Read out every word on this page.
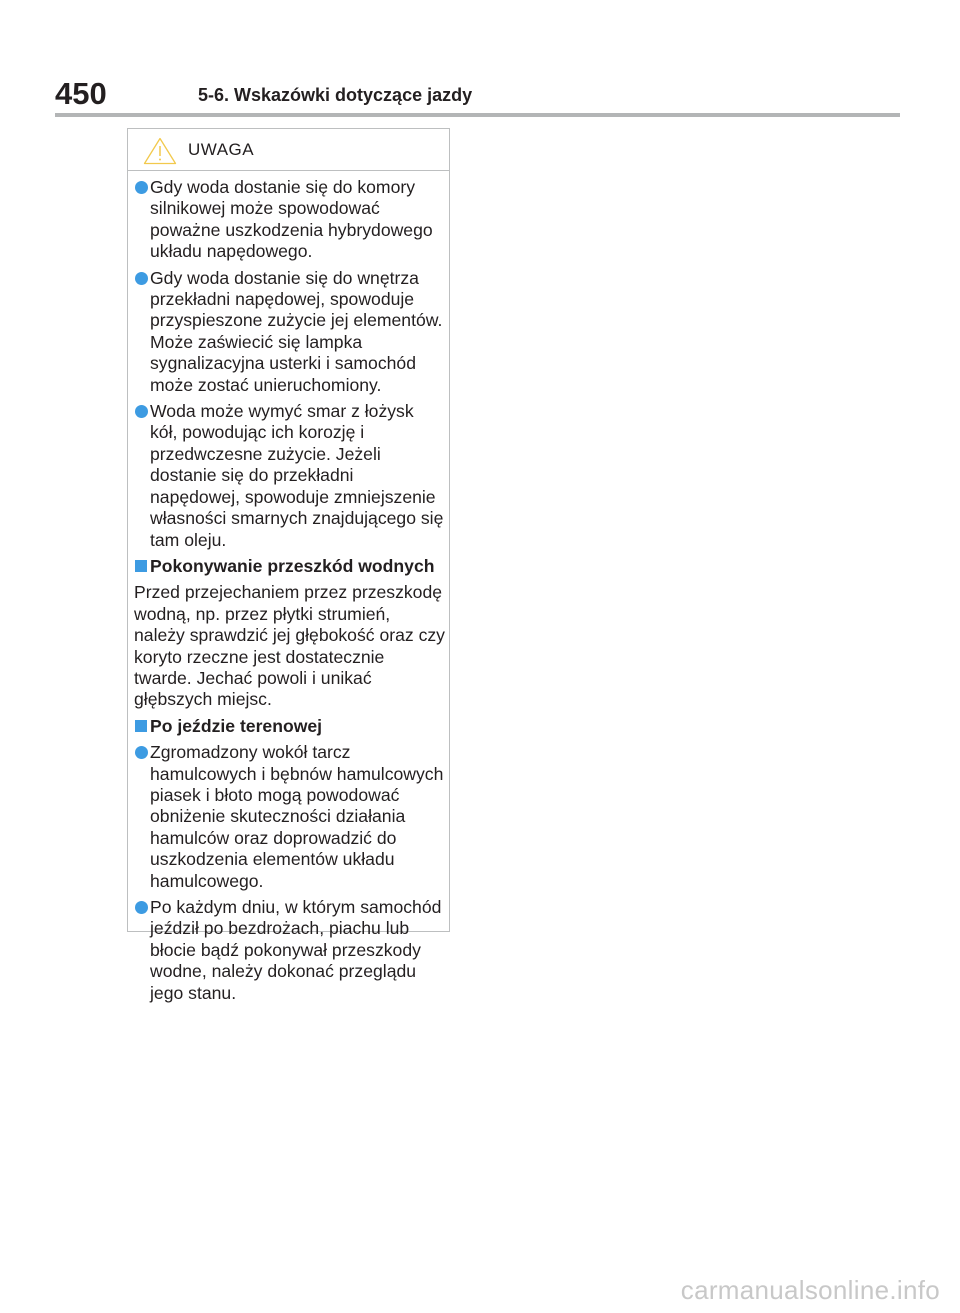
450	5-6. Wskazówki dotyczące jazdy
UWAGA
Gdy woda dostanie się do komory silnikowej może spowodować poważne uszkodzenia hybrydowego układu napędowego.
Gdy woda dostanie się do wnętrza przekładni napędowej, spowoduje przyspieszone zużycie jej elementów. Może zaświecić się lampka sygnalizacyjna usterki i samochód może zostać unieruchomiony.
Woda może wymyć smar z łożysk kół, powodując ich korozję i przedwczesne zużycie. Jeżeli dostanie się do przekładni napędowej, spowoduje zmniejszenie własności smarnych znajdującego się tam oleju.
Pokonywanie przeszkód wodnych
Przed przejechaniem przez przeszkodę wodną, np. przez płytki strumień, należy sprawdzić jej głębokość oraz czy koryto rzeczne jest dostatecznie twarde. Jechać powoli i unikać głębszych miejsc.
Po jeździe terenowej
Zgromadzony wokół tarcz hamulcowych i bębnów hamulcowych piasek i błoto mogą powodować obniżenie skuteczności działania hamulców oraz doprowadzić do uszkodzenia elementów układu hamulcowego.
Po każdym dniu, w którym samochód jeździł po bezdrożach, piachu lub błocie bądź pokonywał przeszkody wodne, należy dokonać przeglądu jego stanu.
carmanualsonline.info
